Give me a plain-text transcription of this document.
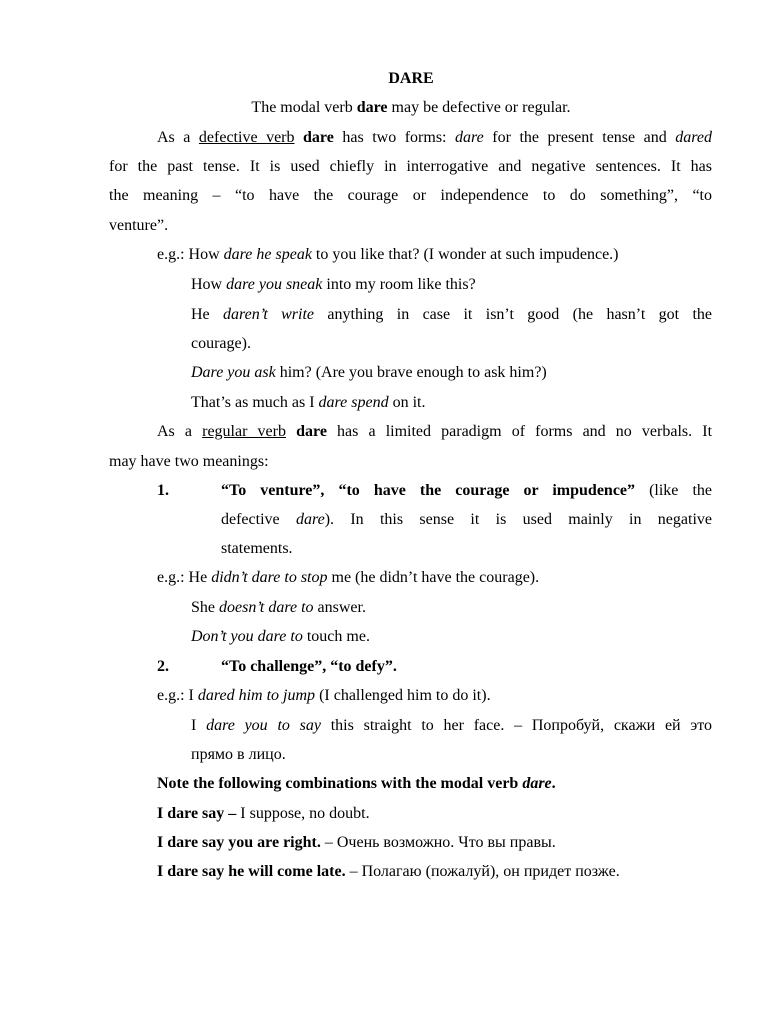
DARE
The modal verb dare may be defective or regular.
As a defective verb dare has two forms: dare for the present tense and dared
for the past tense. It is used chiefly in interrogative and negative sentences. It has
the meaning – “to have the courage or independence to do something”, “to
venture”.
e.g.: How dare he speak to you like that? (I wonder at such impudence.)
How dare you sneak into my room like this?
He daren’t write anything in case it isn’t good (he hasn’t got the
courage).
Dare you ask him? (Are you brave enough to ask him?)
That’s as much as I dare spend on it.
As a regular verb dare has a limited paradigm of forms and no verbals. It
may have two meanings:
1.	“To venture”, “to have the courage or impudence” (like the
defective dare). In this sense it is used mainly in negative
statements.
e.g.: He didn’t dare to stop me (he didn’t have the courage).
She doesn’t dare to answer.
Don’t you dare to touch me.
2.	“To challenge”, “to defy”.
e.g.: I dared him to jump (I challenged him to do it).
I dare you to say this straight to her face. – Попробуй, скажи ей это
прямо в лицо.
Note the following combinations with the modal verb dare.
I dare say – I suppose, no doubt.
I dare say you are right. – Очень возможно. Что вы правы.
I dare say he will come late. – Полагаю (пожалуй), он придет позже.
